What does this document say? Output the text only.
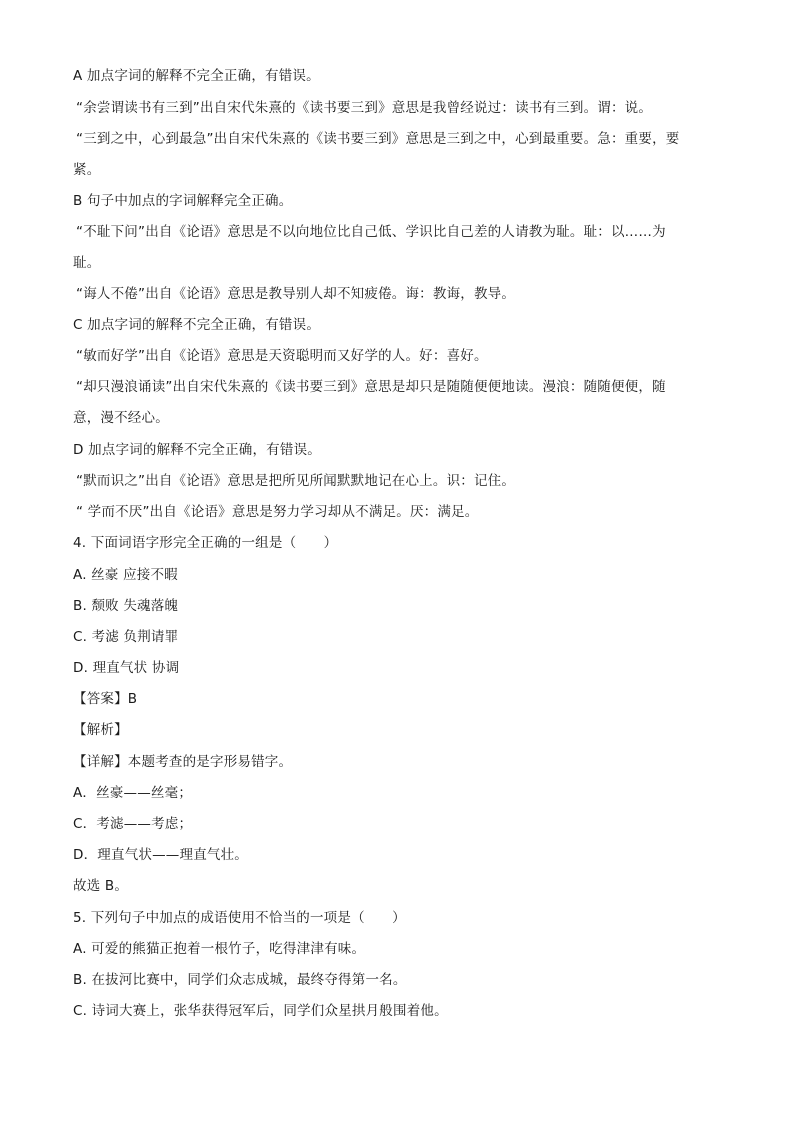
A 加点字词的解释不完全正确，有错误。
“余尝谓读书有三到”出自宋代朱熹的《读书要三到》意思是我曾经说过：读书有三到。谓：说。
“三到之中，心到最急”出自宋代朱熹的《读书要三到》意思是三到之中，心到最重要。急：重要，要
紧。
B 句子中加点的字词解释完全正确。
“不耻下问”出自《论语》意思是不以向地位比自己低、学识比自己差的人请教为耻。耻：以……为
耻。
“诲人不倦”出自《论语》意思是教导别人却不知疲倦。诲：教诲，教导。
C 加点字词的解释不完全正确，有错误。
“敏而好学”出自《论语》意思是天资聪明而又好学的人。好：喜好。
“却只漫浪诵读”出自宋代朱熹的《读书要三到》意思是却只是随随便便地读。漫浪：随随便便，随
意，漫不经心。
D 加点字词的解释不完全正确，有错误。
“默而识之”出自《论语》意思是把所见所闻默默地记在心上。识：记住。
“ 学而不厌”出自《论语》意思是努力学习却从不满足。厌：满足。
4. 下面词语字形完全正确的一组是（　　）
A. 丝豪 应接不暇
B. 颓败 失魂落魄
C. 考滤 负荆请罪
D. 理直气状 协调
【答案】B
【解析】
【详解】本题考查的是字形易错字。
A．丝豪——丝毫；
C．考滤——考虑；
D．理直气状——理直气壮。
故选 B。
5. 下列句子中加点的成语使用不恰当的一项是（　　）
A. 可爱的熊猫正抱着一根竹子，吃得津津有味。
B. 在拔河比赛中，同学们众志成城，最终夺得第一名。
C. 诗词大赛上，张华获得冠军后，同学们众星拱月般围着他。
